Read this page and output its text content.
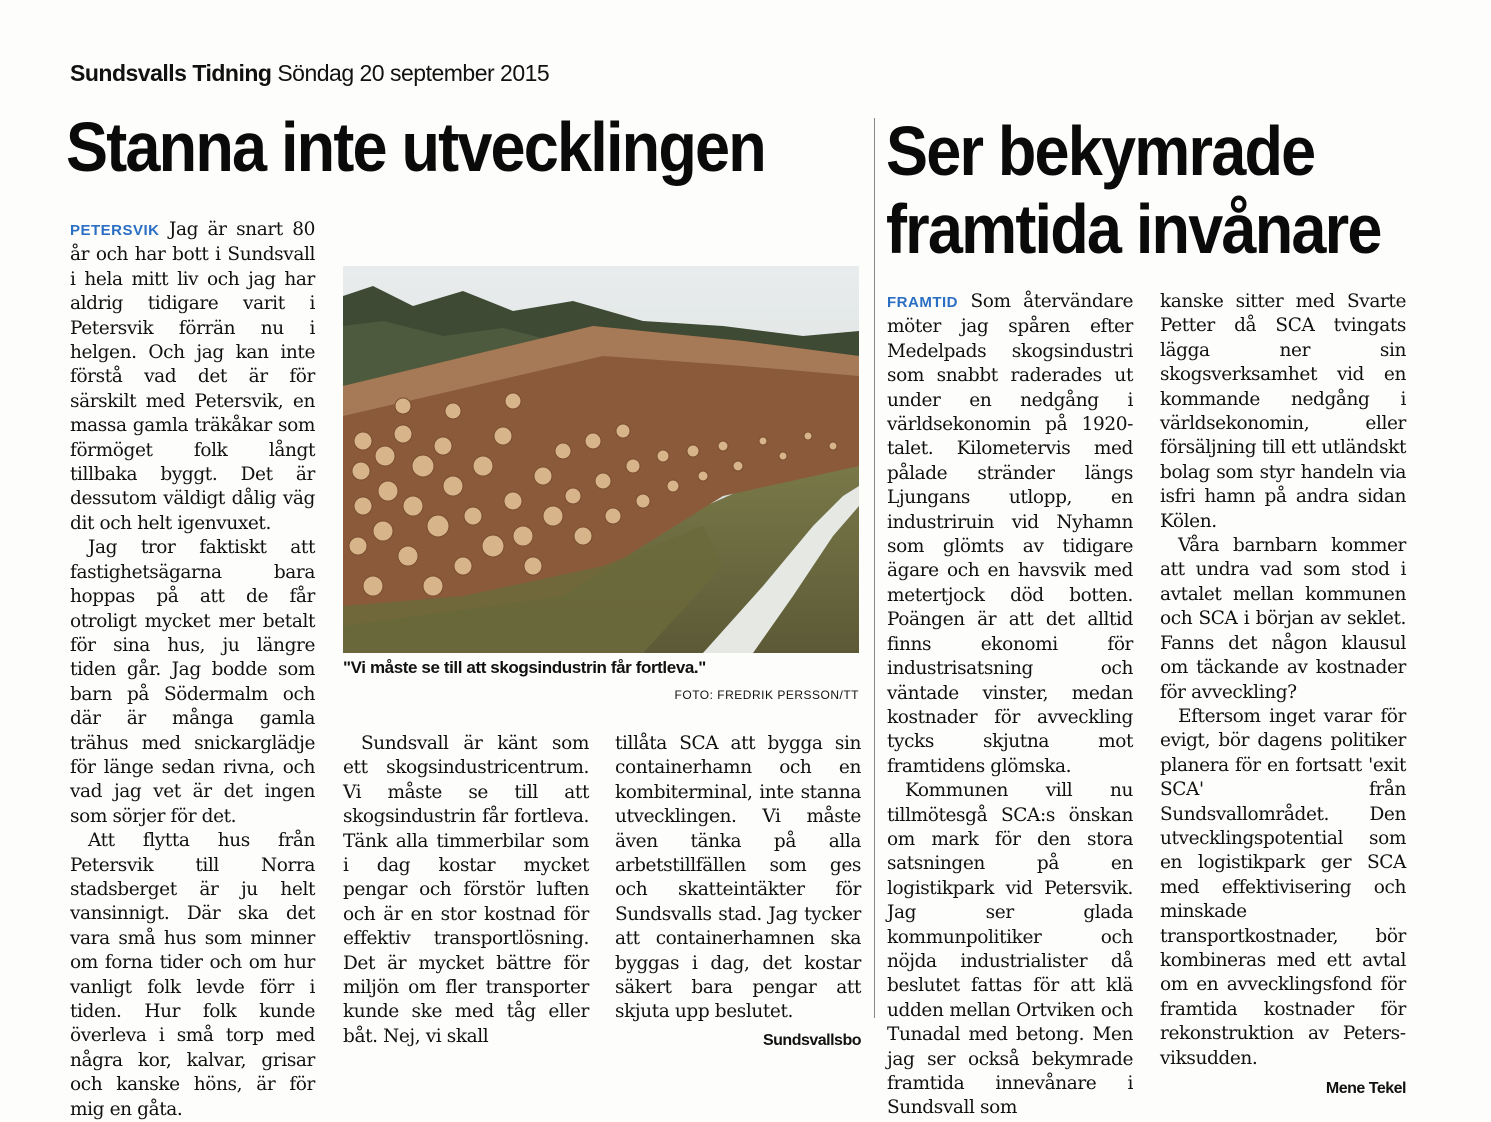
Sundsvalls Tidning Söndag 20 september 2015
Stanna inte utvecklingen Ser bekymrade
framtida invånare

PETERSVIK Jag är snart 80 år och har bott i Sundsvall i hela mitt liv och jag har aldrig tidigare varit i Petersvik förrän nu i helgen. Och jag kan inte förstå vad det är för särskilt med Petersvik, en massa gamla träkåkar som förmöget folk långt tillbaka byggt. Det är dessutom väldigt dålig väg dit och helt igenvuxet.

Jag tror faktiskt att fastighetsägarna bara hoppas på att de får otroligt mycket mer betalt för sina hus, ju längre tiden går. Jag bodde som barn på Södermalm och där är många gamla trähus med snickarglädje för länge sedan rivna, och vad jag vet är det ingen som sörjer för det.

Att flytta hus från Petersvik till Norra stadsberget är ju helt vansinnigt. Där ska det vara små hus som minner om forna tider och om hur vanligt folk levde förr i tiden. Hur folk kunde överleva i små torp med några kor, kalvar, grisar och kanske höns, är för mig en gåta.

"Vi måste se till att skogsindustrin får fortleva."
FOTO: FREDRIK PERSSON/TT

Sundsvall är känt som ett skogsindustricentrum. Vi måste se till att skogsindustrin får fortleva. Tänk alla timmerbilar som i dag kostar mycket pengar och förstör luften och är en stor kostnad för effektiv transportlösning. Det är mycket bättre för miljön om fler transporter kunde ske med tåg eller båt. Nej, vi skall

tillåta SCA att bygga sin containerhamn och en kombiterminal, inte stanna utvecklingen. Vi måste även tänka på alla arbetstillfällen som ges och skatteintäkter för Sundsvalls stad. Jag tycker att containerhamnen ska byggas i dag, det kostar säkert bara pengar att skjuta upp beslutet.

Sundsvallsbo

FRAMTID Som återvändare möter jag spåren efter Medelpads skogsindustri som snabbt raderades ut under en nedgång i världsekonomin på 1920-talet. Kilometervis med pålade stränder längs Ljungans utlopp, en industriruin vid Nyhamn som glömts av tidigare ägare och en havsvik med metertjock död botten. Poängen är att det alltid finns ekonomi för industrisatsning och väntade vinster, medan kostnader för avveckling tycks skjutna mot framtidens glömska.

Kommunen vill nu tillmötesgå SCA:s önskan om mark för den stora satsningen på en logistikpark vid Petersvik. Jag ser glada kommunpolitiker och nöjda industrialister då beslutet fattas för att klä udden mellan Ortviken och Tunadal med betong. Men jag ser också bekymrade framtida innevånare i Sundsvall som

kanske sitter med Svarte Petter då SCA tvingats lägga ner sin skogsverksamhet vid en kommande nedgång i världsekonomin, eller försäljning till ett utländskt bolag som styr handeln via isfri hamn på andra sidan Kölen.

Våra barnbarn kommer att undra vad som stod i avtalet mellan kommunen och SCA i början av seklet. Fanns det någon klausul om täckande av kostnader för avveckling?

Eftersom inget varar för evigt, bör dagens politiker planera för en fortsatt 'exit SCA' från Sundsvallområdet. Den utvecklingspotential som en logistikpark ger SCA med effektivisering och minskade transportkostnader, bör kombineras med ett avtal om en avvecklingsfond för framtida kostnader för rekonstruktion av Petersviksudden.

Mene Tekel
